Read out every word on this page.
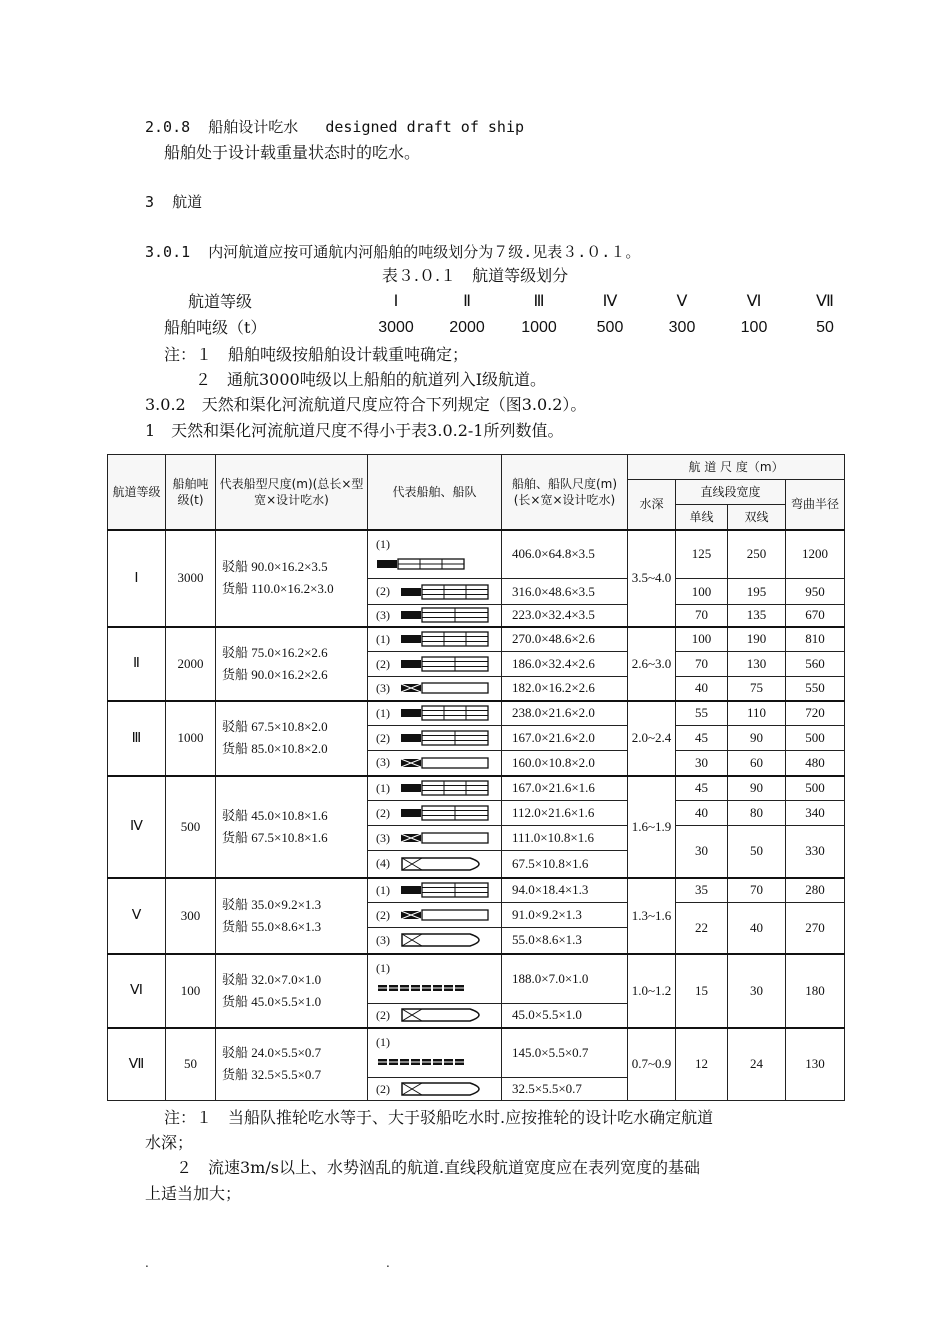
2.0.8 船舶设计吃水 designed draft of ship
船舶处于设计载重量状态时的吃水。
3 航道
3.0.1 内河航道应按可通航内河船舶的吨级划分为７级.见表３.０.１。
表３.０.１　航道等级划分
航道等级	Ⅰ	Ⅱ	Ⅲ	Ⅳ	Ⅴ	Ⅵ	Ⅶ
船舶吨级（t）	3000 2000 1000 500	300	100	50
注：１　船舶吨级按船舶设计载重吨确定；
２　通航3000吨级以上船舶的航道列入Ⅰ级航道。
3.0.2　天然和渠化河流航道尺度应符合下列规定（图3.0.2）。
1　天然和渠化河流航道尺度不得小于表3.0.2-1所列数值。
航道等级	船舶吨级(t)	代表船型尺度(m)(总长×型宽×设计吃水)	代表船舶、船队	船舶、船队尺度(m)(长×宽×设计吃水)	航 道 尺 度（m）			
					水深	直线段宽度		弯曲半径
						单线	双线	
Ⅰ	3000	驳船 90.0×16.2×3.5
货船 110.0×16.2×3.0	(1)	406.0×64.8×3.5	3.5~4.0	125	250	1200

			(2)	316.0×48.6×3.5		100	195	950

			(3)	223.0×32.4×3.5		70	135	670
Ⅱ	2000	驳船 75.0×16.2×2.6
货船 90.0×16.2×2.6	(1)	270.0×48.6×2.6	2.6~3.0	100	190	810

			(2)	186.0×32.4×2.6		70	130	560

			(3)	182.0×16.2×2.6		40	75	550
Ⅲ	1000	驳船 67.5×10.8×2.0
货船 85.0×10.8×2.0	(1)	238.0×21.6×2.0	2.0~2.4	55	110	720

			(2)	167.0×21.6×2.0		45	90	500

			(3)	160.0×10.8×2.0		30	60	480
Ⅳ	500	驳船 45.0×10.8×1.6
货船 67.5×10.8×1.6	(1)	167.0×21.6×1.6	1.6~1.9	45	90	500

			(2)	112.0×21.6×1.6		40	80	340

			(3)	111.0×10.8×1.6		30	50	330

			(4)	67.5×10.8×1.6				
Ⅴ	300	驳船 35.0×9.2×1.3
货船 55.0×8.6×1.3	(1)	94.0×18.4×1.3	1.3~1.6	35	70	280

			(2)	91.0×9.2×1.3		22	40	270

			(3)	55.0×8.6×1.3				
Ⅵ	100	驳船 32.0×7.0×1.0
货船 45.0×5.5×1.0	(1)	188.0×7.0×1.0	1.0~1.2	15	30	180

			(2)	45.0×5.5×1.0				
Ⅶ	50	驳船 24.0×5.5×0.7
货船 32.5×5.5×0.7	(1)	145.0×5.5×0.7	0.7~0.9	12	24	130

			(2)	32.5×5.5×0.7				
注：１　当船队推轮吃水等于、大于驳船吃水时.应按推轮的设计吃水确定航道
水深；
２　流速3m/s以上、水势汹乱的航道.直线段航道宽度应在表列宽度的基础
上适当加大；
.	.
